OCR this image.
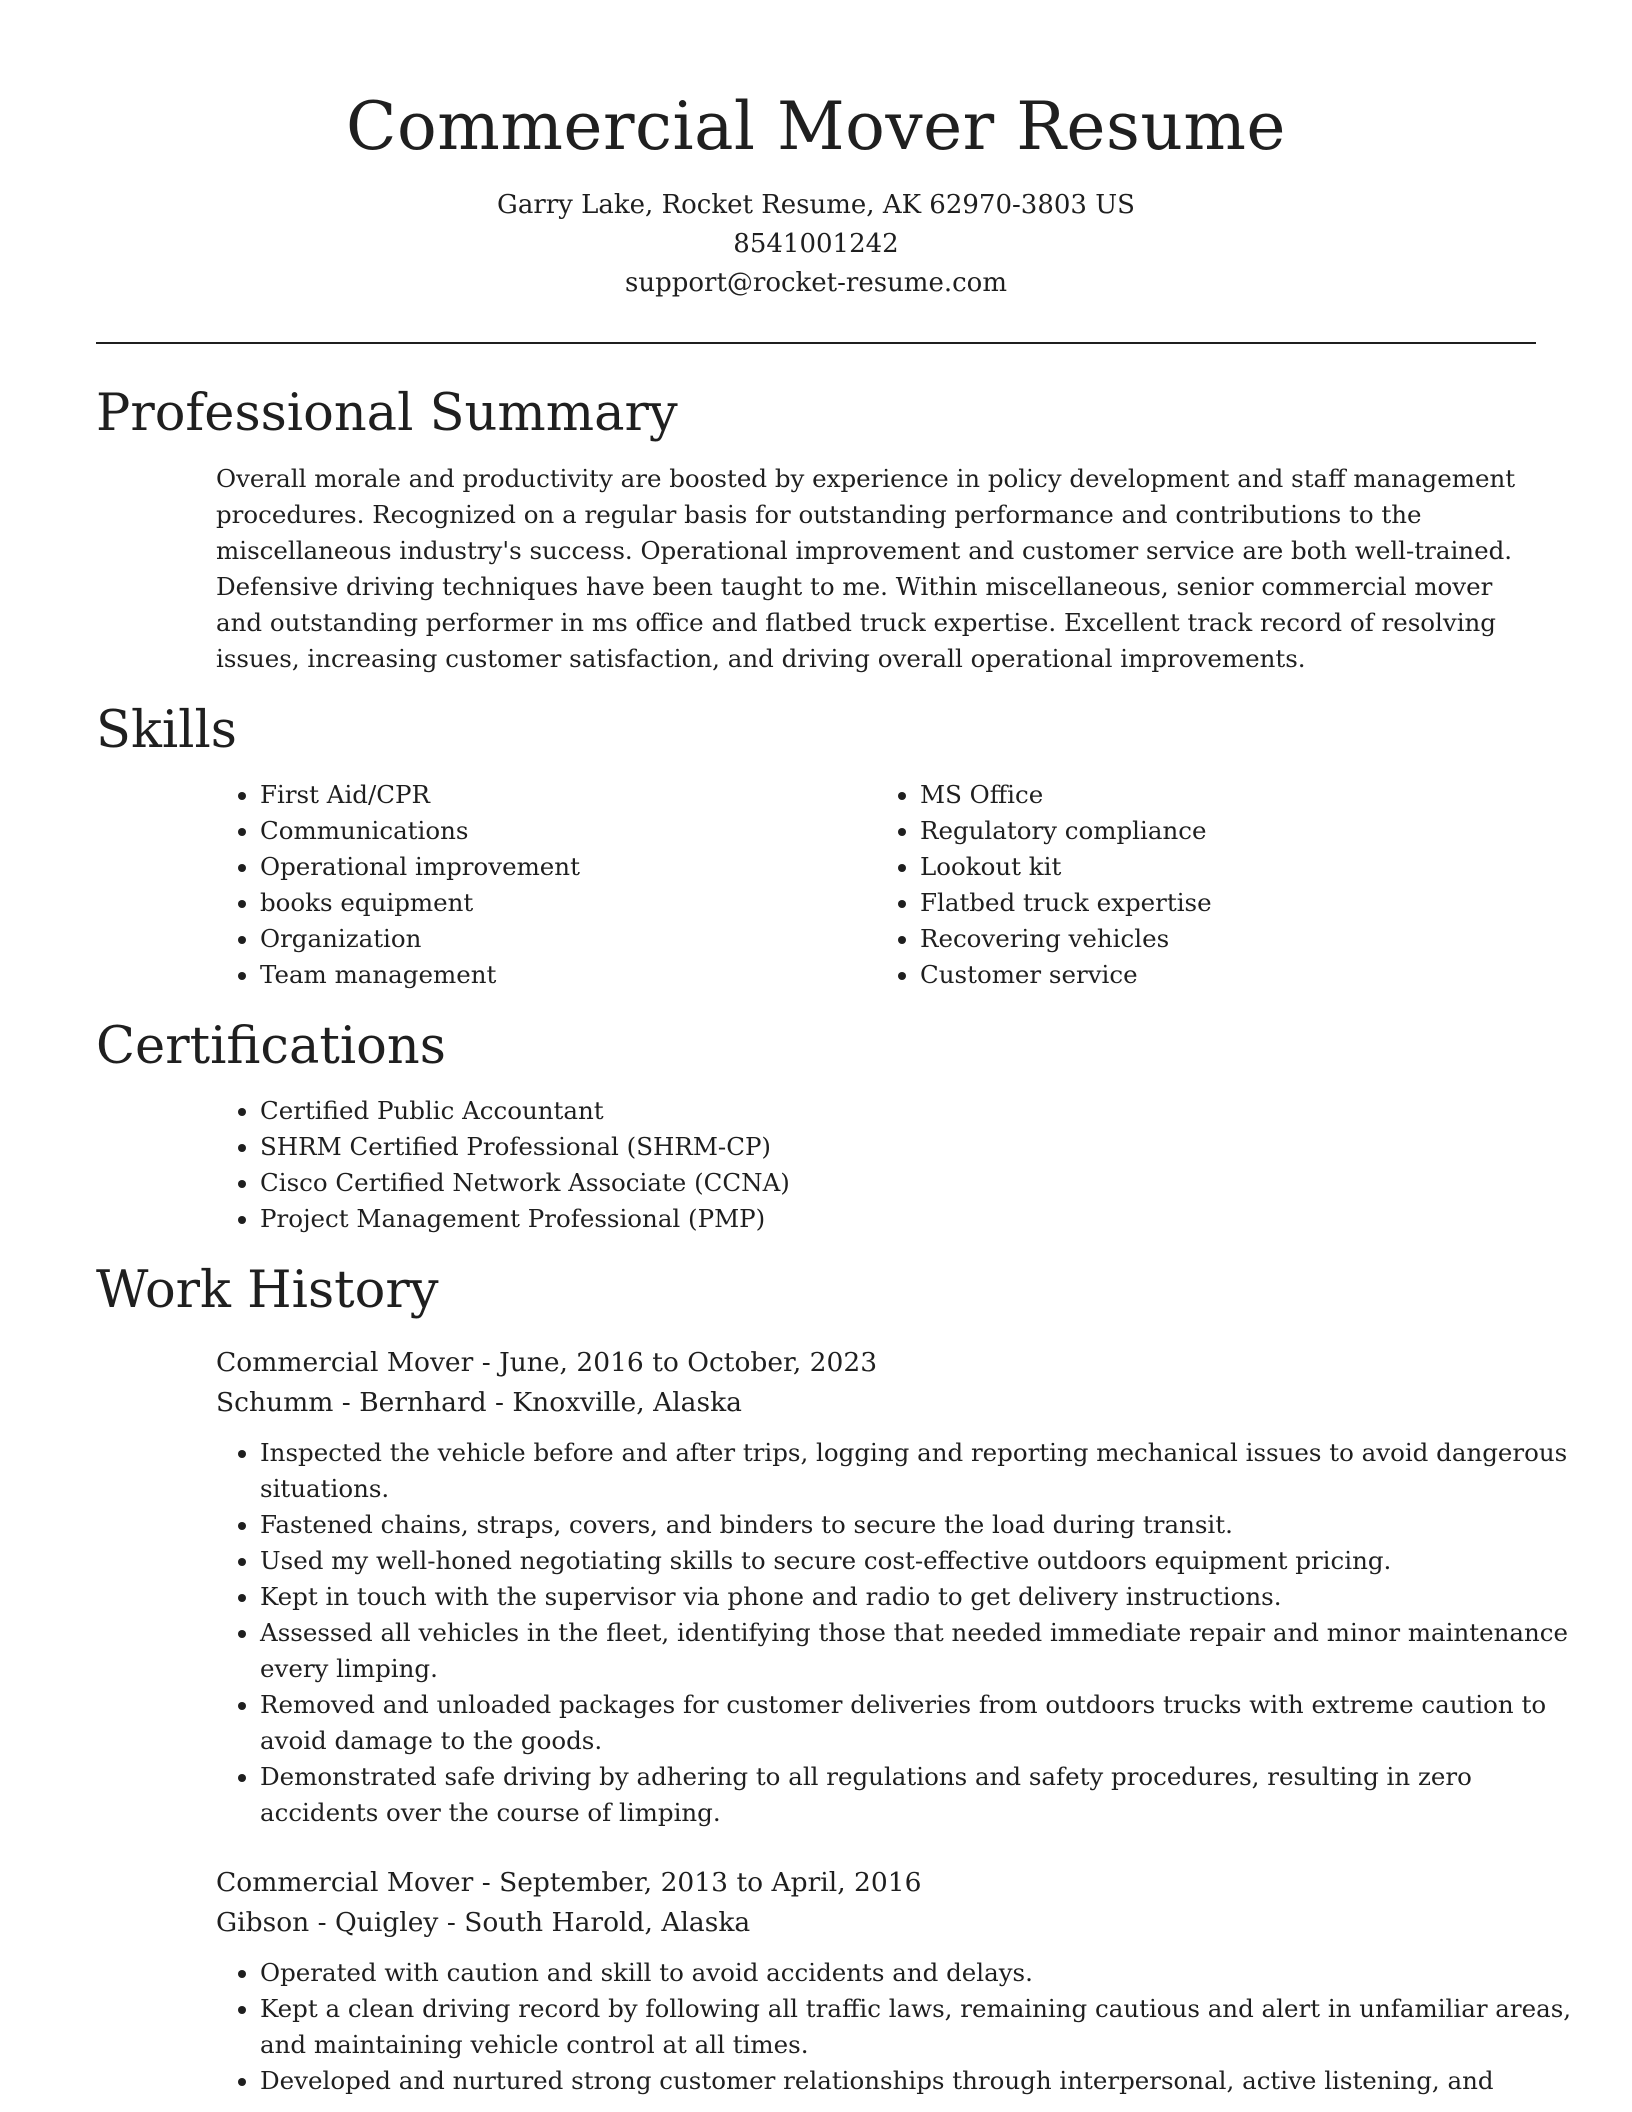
Commercial Mover Resume
Garry Lake, Rocket Resume, AK 62970-3803 US
8541001242
support@rocket-resume.com
Professional Summary

Overall morale and productivity are boosted by experience in policy development and staff management procedures. Recognized on a regular basis for outstanding performance and contributions to the miscellaneous industry's success. Operational improvement and customer service are both well-trained. Defensive driving techniques have been taught to me. Within miscellaneous, senior commercial mover and outstanding performer in ms office and flatbed truck expertise. Excellent track record of resolving issues, increasing customer satisfaction, and driving overall operational improvements.

Skills
• First Aid/CPR
• Communications
• Operational improvement
• books equipment
• Organization
• Team management
• MS Office
• Regulatory compliance
• Lookout kit
• Flatbed truck expertise
• Recovering vehicles
• Customer service
Certifications
• Certified Public Accountant
• SHRM Certified Professional (SHRM-CP)
• Cisco Certified Network Associate (CCNA)
• Project Management Professional (PMP)
Work History
Commercial Mover - June, 2016 to October, 2023
Schumm - Bernhard - Knoxville, Alaska
• Inspected the vehicle before and after trips, logging and reporting mechanical issues to avoid dangerous situations.
• Fastened chains, straps, covers, and binders to secure the load during transit.
• Used my well-honed negotiating skills to secure cost-effective outdoors equipment pricing.
• Kept in touch with the supervisor via phone and radio to get delivery instructions.
• Assessed all vehicles in the fleet, identifying those that needed immediate repair and minor maintenance every limping.
• Removed and unloaded packages for customer deliveries from outdoors trucks with extreme caution to avoid damage to the goods.
• Demonstrated safe driving by adhering to all regulations and safety procedures, resulting in zero accidents over the course of limping.
Commercial Mover - September, 2013 to April, 2016
Gibson - Quigley - South Harold, Alaska
• Operated with caution and skill to avoid accidents and delays.
• Kept a clean driving record by following all traffic laws, remaining cautious and alert in unfamiliar areas, and maintaining vehicle control at all times.
• Developed and nurtured strong customer relationships through interpersonal, active listening, and
